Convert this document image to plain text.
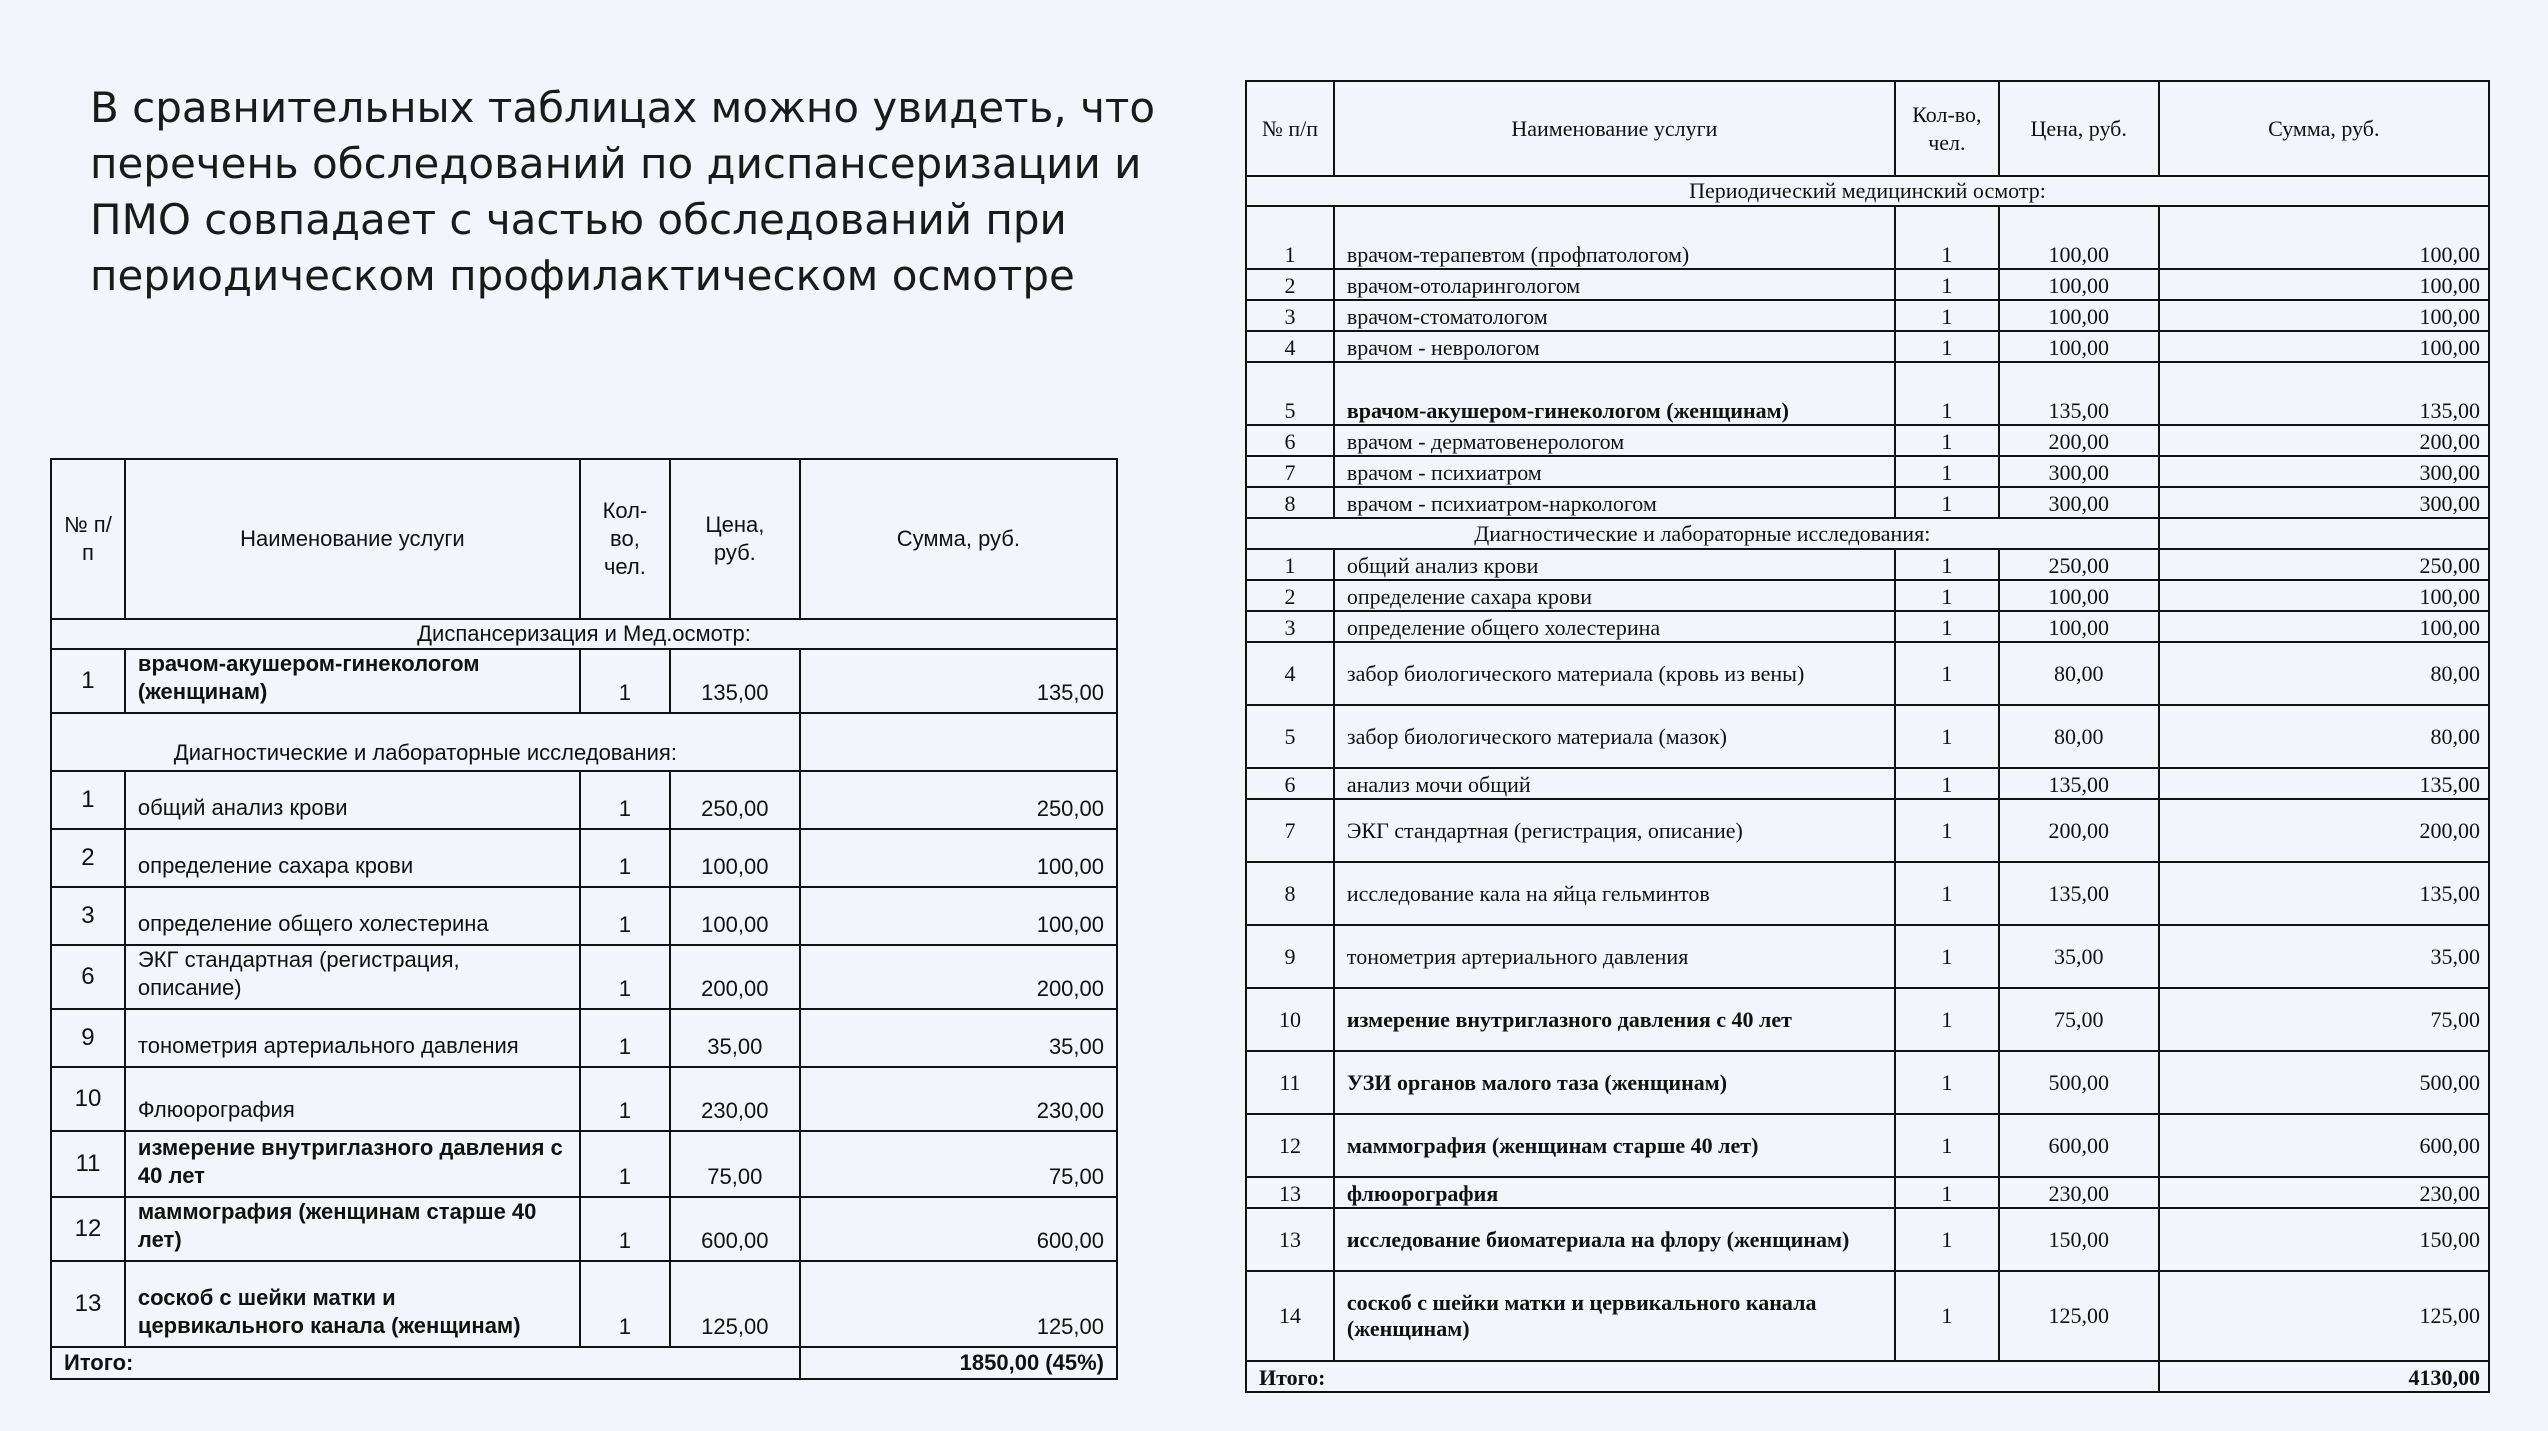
В сравнительных таблицах можно увидеть, что перечень обследований по диспансеризации и ПМО совпадает с частью обследований при периодическом профилактическом осмотре

№ п/п	Наименование услуги	Кол-во, чел.	Цена, руб.	Сумма, руб.
Диспансеризация и Мед.осмотр:				
1	врачом-акушером-гинекологом (женщинам)	1	135,00	135,00
Диагностические и лабораторные исследования:				
1	общий анализ крови	1	250,00	250,00
2	определение сахара крови	1	100,00	100,00
3	определение общего холестерина	1	100,00	100,00
6	ЭКГ стандартная (регистрация, описание)	1	200,00	200,00
9	тонометрия артериального давления	1	35,00	35,00
10	Флюорография	1	230,00	230,00
11	измерение внутриглазного давления с 40 лет	1	75,00	75,00
12	маммография (женщинам старше 40 лет)	1	600,00	600,00
13	соскоб с шейки матки и цервикального канала (женщинам)	1	125,00	125,00
Итого:				1850,00 (45%)
№ п/п	Наименование услуги	Кол-во, чел.	Цена, руб.	Сумма, руб.
Периодический медицинский осмотр:				
1	врачом-терапевтом (профпатологом)	1	100,00	100,00
2	врачом-отоларингологом	1	100,00	100,00
3	врачом-стоматологом	1	100,00	100,00
4	врачом - неврологом	1	100,00	100,00
5	врачом-акушером-гинекологом (женщинам)	1	135,00	135,00
6	врачом - дерматовенерологом	1	200,00	200,00
7	врачом - психиатром	1	300,00	300,00
8	врачом - психиатром-наркологом	1	300,00	300,00
Диагностические и лабораторные исследования:				
1	общий анализ крови	1	250,00	250,00
2	определение сахара крови	1	100,00	100,00
3	определение общего холестерина	1	100,00	100,00
4	забор биологического материала (кровь из вены)	1	80,00	80,00
5	забор биологического материала (мазок)	1	80,00	80,00
6	анализ мочи общий	1	135,00	135,00
7	ЭКГ стандартная (регистрация, описание)	1	200,00	200,00
8	исследование кала на яйца гельминтов	1	135,00	135,00
9	тонометрия артериального давления	1	35,00	35,00
10	измерение внутриглазного давления с 40 лет	1	75,00	75,00
11	УЗИ органов малого таза (женщинам)	1	500,00	500,00
12	маммография (женщинам старше 40 лет)	1	600,00	600,00
13	флюорография	1	230,00	230,00
13	исследование биоматериала на флору (женщинам)	1	150,00	150,00
14	соскоб с шейки матки и цервикального канала (женщинам)	1	125,00	125,00
Итого:				4130,00
